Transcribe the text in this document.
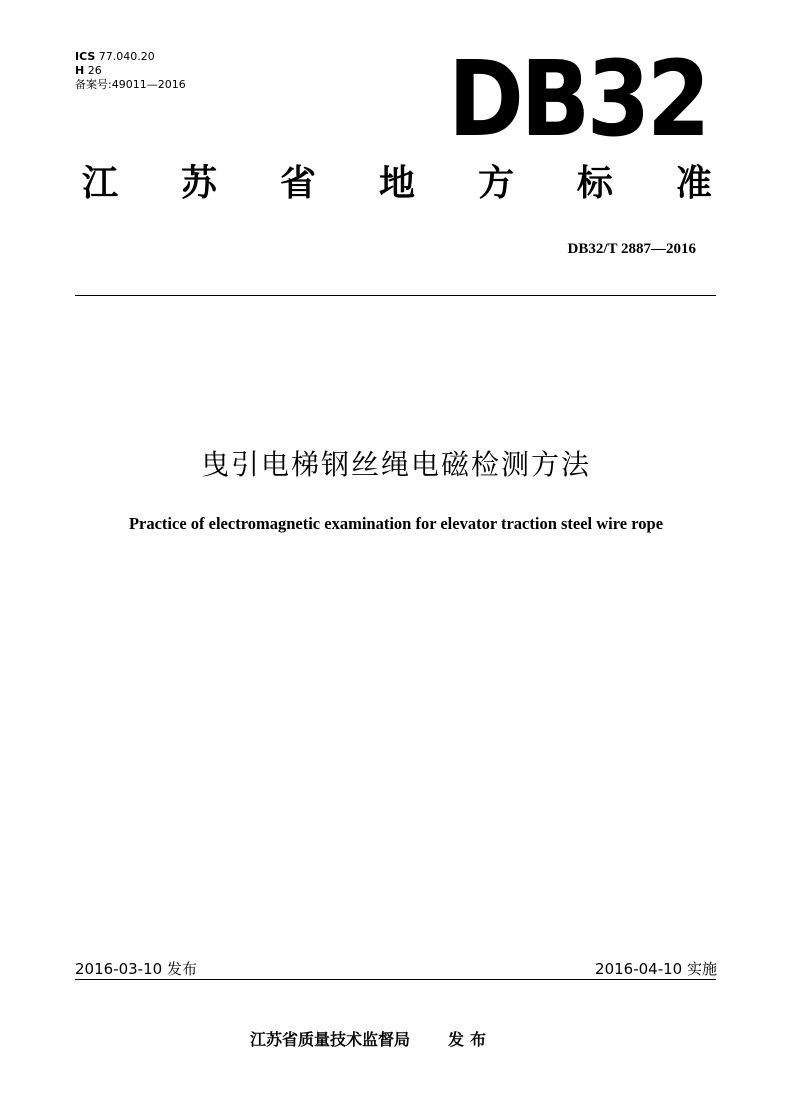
ICS 77.040.20
H 26
备案号:49011—2016	DB32
江 苏 省 地 方 标 准
DB32/T 2887—2016
曳引电梯钢丝绳电磁检测方法
Practice of electromagnetic examination for elevator traction steel wire rope
2016-03-10 发布	2016-04-10 实施
江苏省质量技术监督局 发布
